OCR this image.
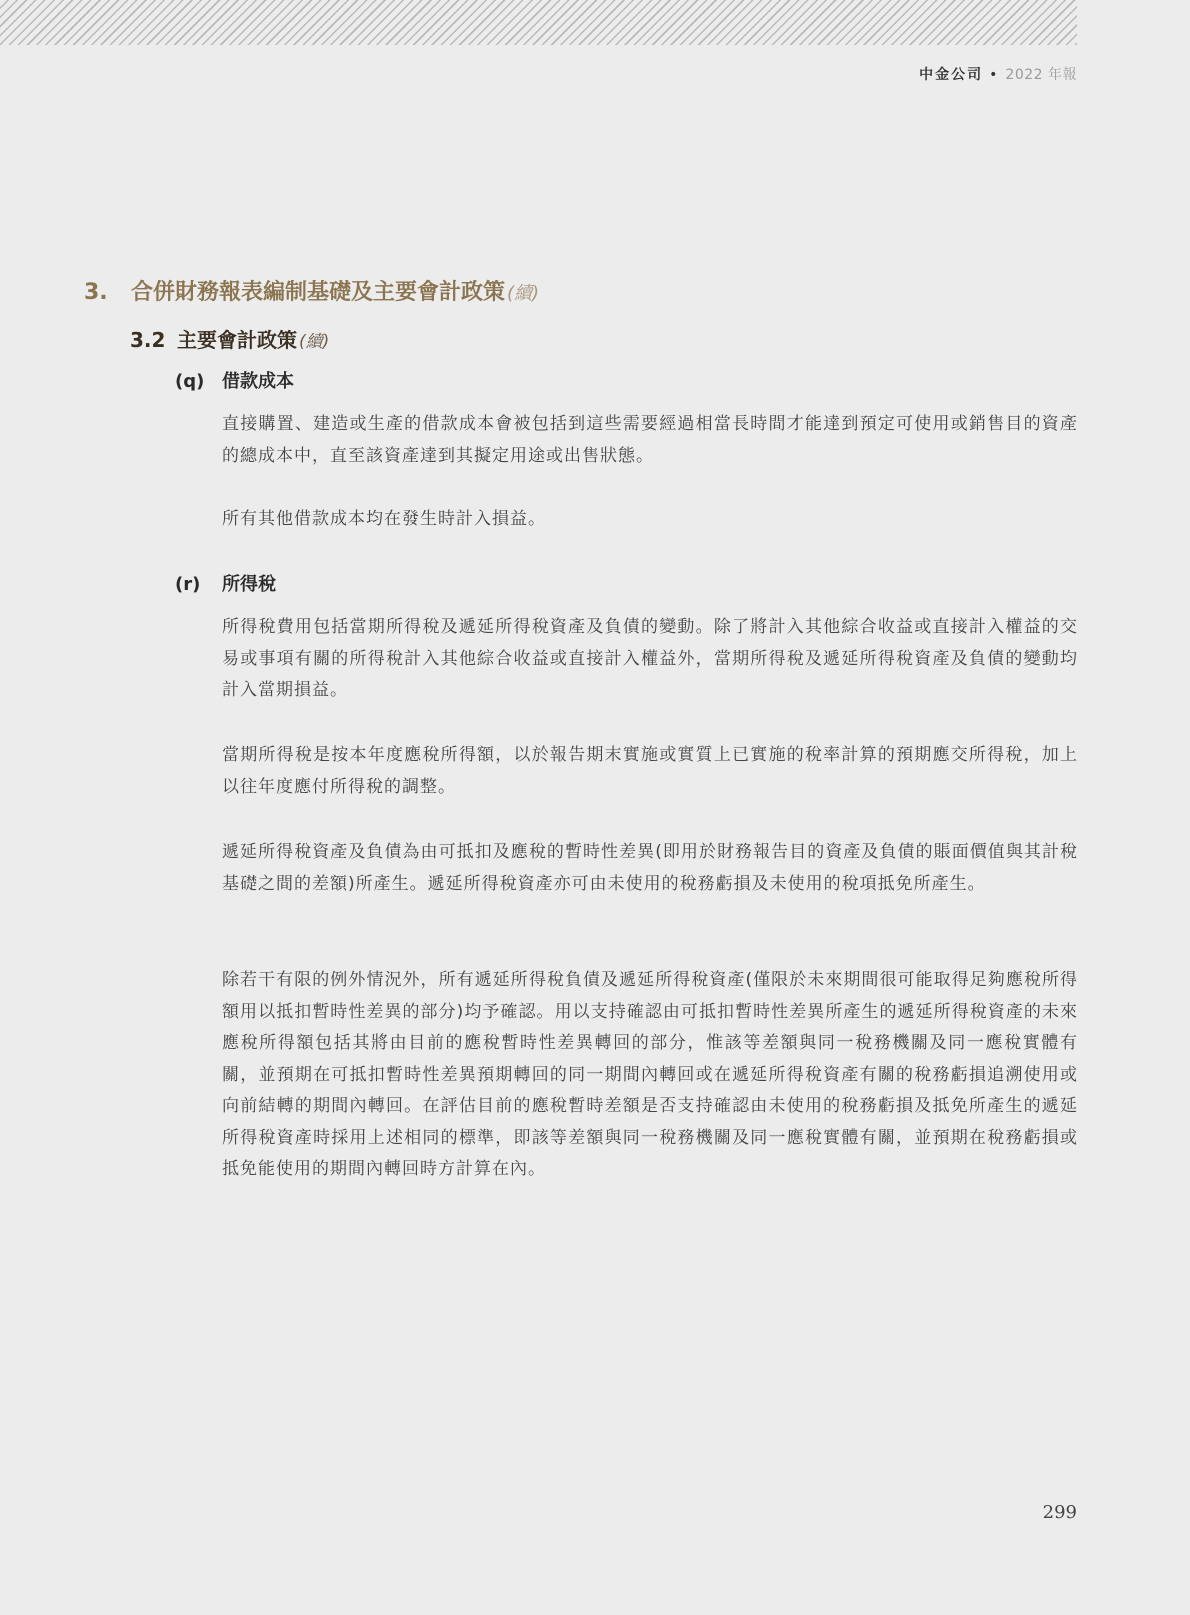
中金公司 • 2022 年報
3.	合併財務報表編制基礎及主要會計政策 (續)
3.2 主要會計政策 (續)
(q) 借款成本

直接購置、建造或生產的借款成本會被包括到這些需要經過相當長時間才能達到預定可使用或銷售目的資產的總成本中，直至該資產達到其擬定用途或出售狀態。

所有其他借款成本均在發生時計入損益。

(r)	所得稅

所得稅費用包括當期所得稅及遞延所得稅資產及負債的變動。除了將計入其他綜合收益或直接計入權益的交易或事項有關的所得稅計入其他綜合收益或直接計入權益外，當期所得稅及遞延所得稅資產及負債的變動均計入當期損益。

當期所得稅是按本年度應稅所得額，以於報告期末實施或實質上已實施的稅率計算的預期應交所得稅，加上以往年度應付所得稅的調整。

遞延所得稅資產及負債為由可抵扣及應稅的暫時性差異(即用於財務報告目的資產及負債的賬面價值與其計稅基礎之間的差額)所產生。遞延所得稅資產亦可由未使用的稅務虧損及未使用的稅項抵免所產生。

除若干有限的例外情況外，所有遞延所得稅負債及遞延所得稅資產(僅限於未來期間很可能取得足夠應稅所得額用以抵扣暫時性差異的部分)均予確認。用以支持確認由可抵扣暫時性差異所產生的遞延所得稅資產的未來應稅所得額包括其將由目前的應稅暫時性差異轉回的部分，惟該等差額與同一稅務機關及同一應稅實體有關，並預期在可抵扣暫時性差異預期轉回的同一期間內轉回或在遞延所得稅資產有關的稅務虧損追溯使用或向前結轉的期間內轉回。在評估目前的應稅暫時差額是否支持確認由未使用的稅務虧損及抵免所產生的遞延所得稅資產時採用上述相同的標準，即該等差額與同一稅務機關及同一應稅實體有關，並預期在稅務虧損或抵免能使用的期間內轉回時方計算在內。

299
